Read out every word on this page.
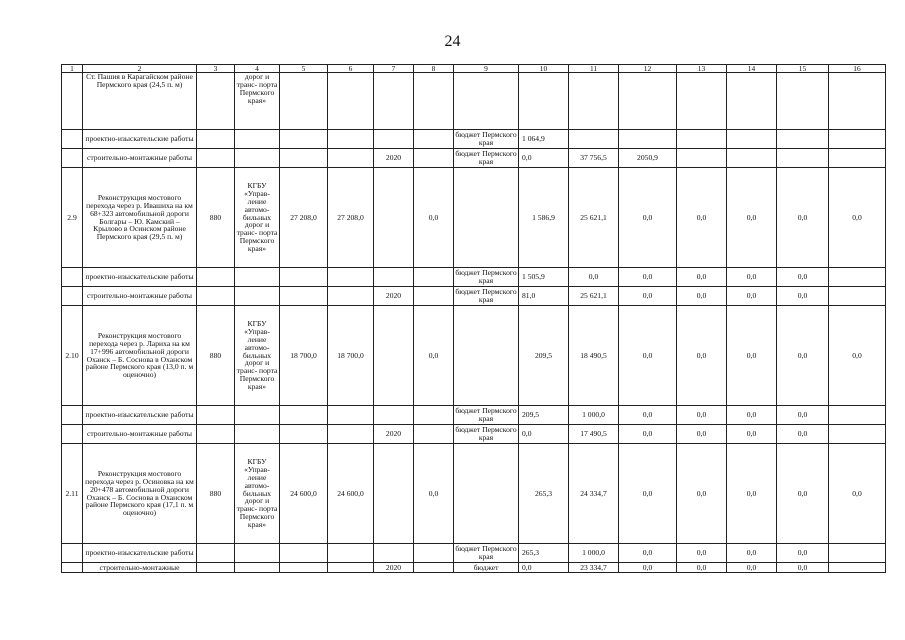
24
1	2	3	4	5	6	7	8	9	10	11	12	13	14	15	16
	Ст. Пашия в Карагайском районе Пермского края (24,5 п. м)		дорог и транс- порта Пермского края»												
	проектно-изыскательские работы							бюджет Пермского края	1 064,9						
	строительно-монтажные работы					2020		бюджет Пермского края	0,0	37 756,5	2050,9				
2.9	Реконструкция мостового перехода через р. Ивашиха на км 68+323 автомобильной дороги Болгары – Ю. Камский – Крылово в Осинском районе Пермского края (29,5 п. м)	880	КГБУ «Управ- ление автомо- бильных дорог и транс- порта Пермского края»	27 208,0	27 208,0		0,0		1 586,9	25 621,1	0,0	0,0	0,0	0,0	0,0
	проектно-изыскательские работы							бюджет Пермского края	1 505,9	0,0	0,0	0,0	0,0	0,0	
	строительно-монтажные работы					2020		бюджет Пермского края	81,0	25 621,1	0,0	0,0	0,0	0,0	
2.10	Реконструкция мостового перехода через р. Лариха на км 17+996 автомобильной дороги Оханск – Б. Соснова в Оханском районе Пермского края (13,0 п. м оценочно)	880	КГБУ «Управ- ление автомо- бильных дорог и транс- порта Пермского края»	18 700,0	18 700,0		0,0		209,5	18 490,5	0,0	0,0	0,0	0,0	0,0
	проектно-изыскательские работы							бюджет Пермского края	209,5	1 000,0	0,0	0,0	0,0	0,0	
	строительно-монтажные работы					2020		бюджет Пермского края	0,0	17 490,5	0,0	0,0	0,0	0,0	
2.11	Реконструкция мостового перехода через р. Осиновка на км 20+478 автомобильной дороги Оханск – Б. Соснова в Оханском районе Пермского края (17,1 п. м оценочно)	880	КГБУ «Управ- ление автомо- бильных дорог и транс- порта Пермского края»	24 600,0	24 600,0		0,0		265,3	24 334,7	0,0	0,0	0,0	0,0	0,0
	проектно-изыскательские работы							бюджет Пермского края	265,3	1 000,0	0,0	0,0	0,0	0,0	
	строительно-монтажные					2020		бюджет	0,0	23 334,7	0,0	0,0	0,0	0,0	
